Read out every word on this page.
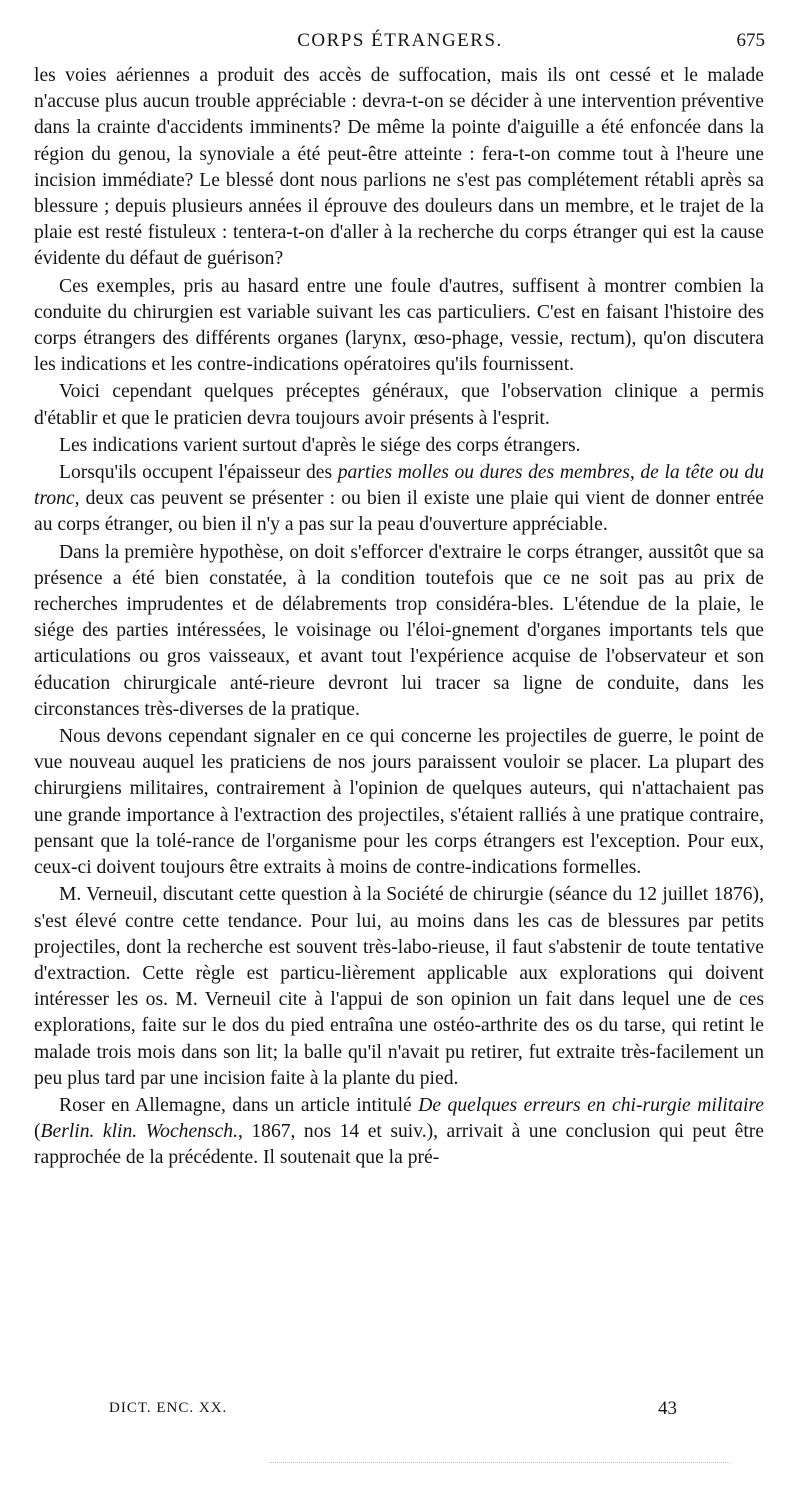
CORPS ÉTRANGERS.	675

les voies aériennes a produit des accès de suffocation, mais ils ont cessé et le malade n'accuse plus aucun trouble appréciable : devra-t-on se décider à une intervention préventive dans la crainte d'accidents imminents? De même la pointe d'aiguille a été enfoncée dans la région du genou, la synoviale a été peut-être atteinte : fera-t-on comme tout à l'heure une incision immédiate? Le blessé dont nous parlions ne s'est pas complétement rétabli après sa blessure ; depuis plusieurs années il éprouve des douleurs dans un membre, et le trajet de la plaie est resté fistuleux : tentera-t-on d'aller à la recherche du corps étranger qui est la cause évidente du défaut de guérison?

Ces exemples, pris au hasard entre une foule d'autres, suffisent à montrer combien la conduite du chirurgien est variable suivant les cas particuliers. C'est en faisant l'histoire des corps étrangers des différents organes (larynx, œso-phage, vessie, rectum), qu'on discutera les indications et les contre-indications opératoires qu'ils fournissent.

Voici cependant quelques préceptes généraux, que l'observation clinique a permis d'établir et que le praticien devra toujours avoir présents à l'esprit.

Les indications varient surtout d'après le siége des corps étrangers.

Lorsqu'ils occupent l'épaisseur des parties molles ou dures des membres, de la tête ou du tronc, deux cas peuvent se présenter : ou bien il existe une plaie qui vient de donner entrée au corps étranger, ou bien il n'y a pas sur la peau d'ouverture appréciable.

Dans la première hypothèse, on doit s'efforcer d'extraire le corps étranger, aussitôt que sa présence a été bien constatée, à la condition toutefois que ce ne soit pas au prix de recherches imprudentes et de délabrements trop considéra-bles. L'étendue de la plaie, le siége des parties intéressées, le voisinage ou l'éloi-gnement d'organes importants tels que articulations ou gros vaisseaux, et avant tout l'expérience acquise de l'observateur et son éducation chirurgicale anté-rieure devront lui tracer sa ligne de conduite, dans les circonstances très-diverses de la pratique.

Nous devons cependant signaler en ce qui concerne les projectiles de guerre, le point de vue nouveau auquel les praticiens de nos jours paraissent vouloir se placer. La plupart des chirurgiens militaires, contrairement à l'opinion de quelques auteurs, qui n'attachaient pas une grande importance à l'extraction des projectiles, s'étaient ralliés à une pratique contraire, pensant que la tolé-rance de l'organisme pour les corps étrangers est l'exception. Pour eux, ceux-ci doivent toujours être extraits à moins de contre-indications formelles.

M. Verneuil, discutant cette question à la Société de chirurgie (séance du 12 juillet 1876), s'est élevé contre cette tendance. Pour lui, au moins dans les cas de blessures par petits projectiles, dont la recherche est souvent très-labo-rieuse, il faut s'abstenir de toute tentative d'extraction. Cette règle est particu-lièrement applicable aux explorations qui doivent intéresser les os. M. Verneuil cite à l'appui de son opinion un fait dans lequel une de ces explorations, faite sur le dos du pied entraîna une ostéo-arthrite des os du tarse, qui retint le malade trois mois dans son lit; la balle qu'il n'avait pu retirer, fut extraite très-facilement un peu plus tard par une incision faite à la plante du pied.

Roser en Allemagne, dans un article intitulé De quelques erreurs en chi-rurgie militaire (Berlin. klin. Wochensch., 1867, nos 14 et suiv.), arrivait à une conclusion qui peut être rapprochée de la précédente. Il soutenait que la pré-

DICT. ENC. XX.	43
